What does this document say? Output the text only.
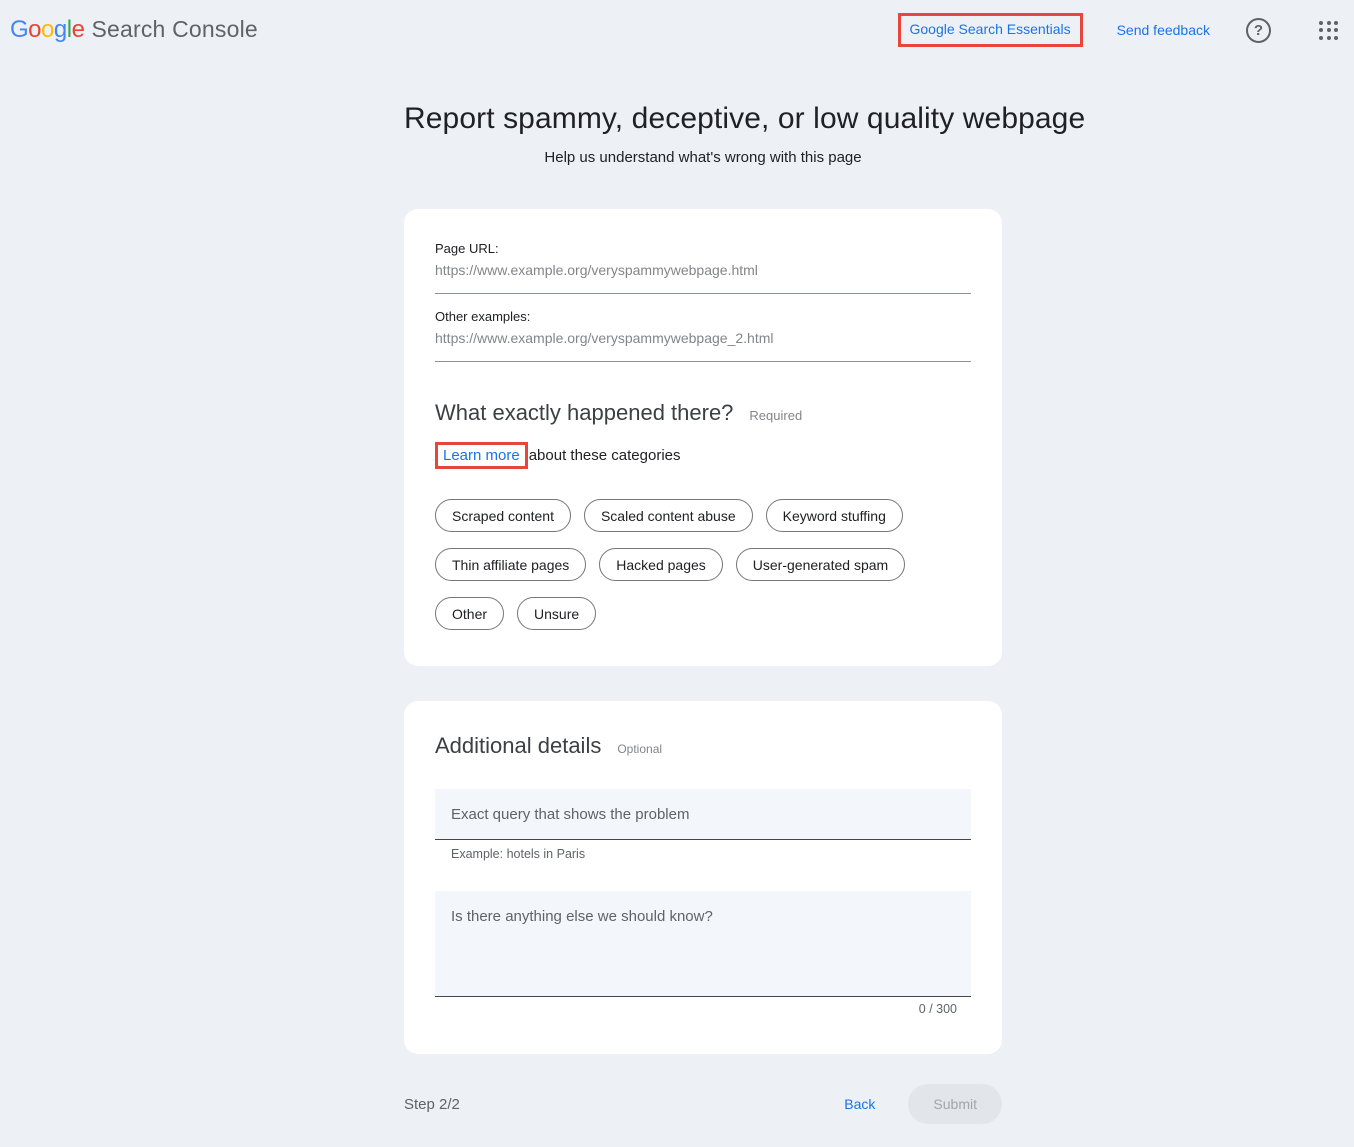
G o o g l e Search Console	Google Search Essentials	Send feedback	?
Report spammy, deceptive, or low quality webpage
Help us understand what's wrong with this page
Page URL:
https://www.example.org/veryspammywebpage.html
Other examples:
https://www.example.org/veryspammywebpage_2.html
What exactly happened there? Required
Learn more about these categories
Scraped content	Scaled content abuse	Keyword stuffing
Thin affiliate pages	Hacked pages	User-generated spam
Other	Unsure
Additional details Optional
Exact query that shows the problem
Example: hotels in Paris
Is there anything else we should know?
0 / 300
Step 2/2	Back	Submit
